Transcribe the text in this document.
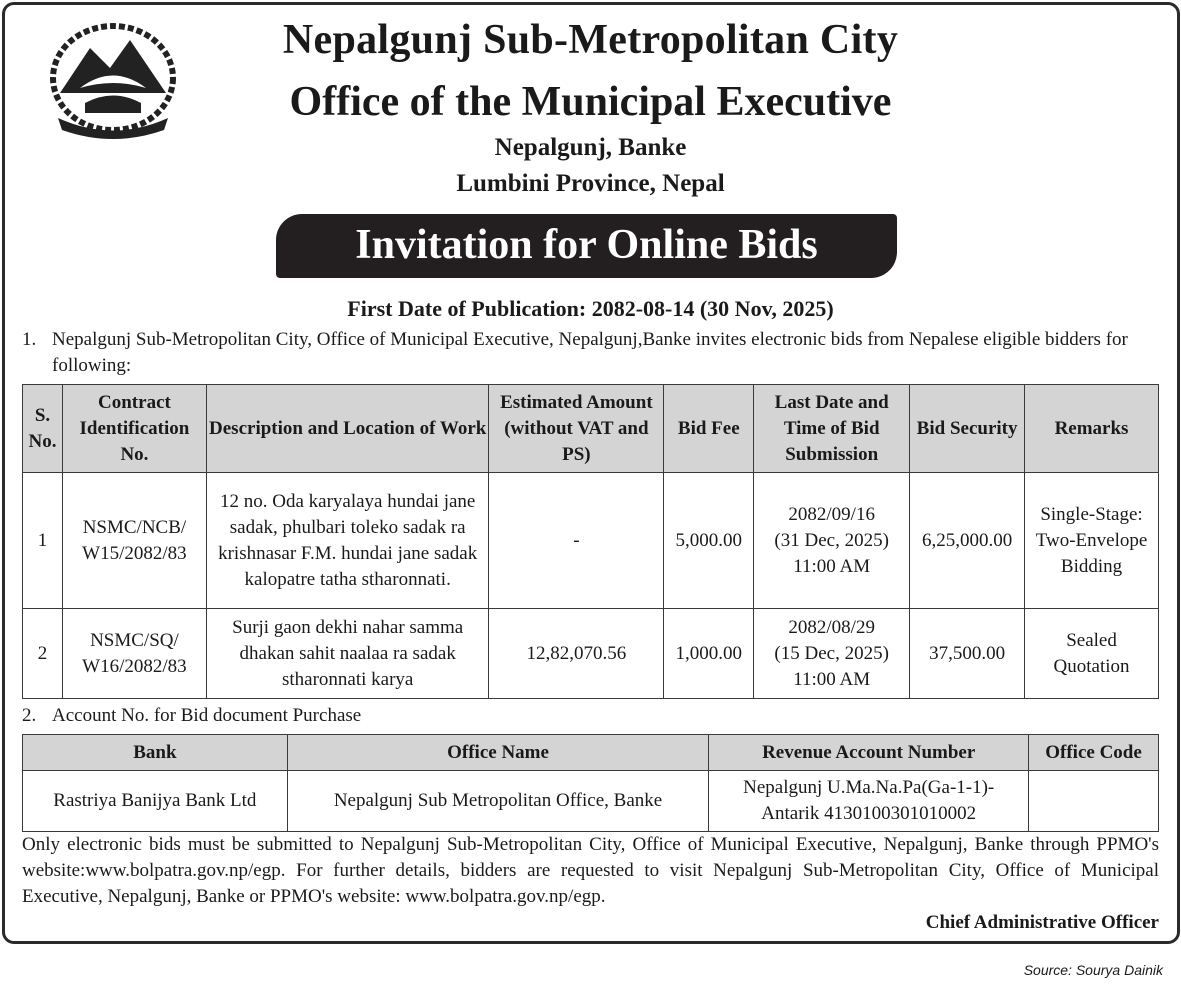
Nepalgunj Sub-Metropolitan City
Office of the Municipal Executive
Nepalgunj, Banke
Lumbini Province, Nepal
Invitation for Online Bids
First Date of Publication: 2082-08-14 (30 Nov, 2025)
1. Nepalgunj Sub-Metropolitan City, Office of Municipal Executive, Nepalgunj,Banke invites electronic bids from Nepalese eligible bidders for following:
S. No.	Contract Identification No.	Description and Location of Work	Estimated Amount (without VAT and PS)	Bid Fee	Last Date and Time of Bid Submission	Bid Security	Remarks
1	NSMC/NCB/ W15/2082/83	12 no. Oda karyalaya hundai jane sadak, phulbari toleko sadak ra krishnasar F.M. hundai jane sadak kalopatre tatha stharonnati.	-	5,000.00	2082/09/16
(31 Dec, 2025)
11:00 AM	6,25,000.00	Single-Stage: Two-Envelope Bidding
2	NSMC/SQ/ W16/2082/83	Surji gaon dekhi nahar samma dhakan sahit naalaa ra sadak stharonnati karya	12,82,070.56	1,000.00	2082/08/29
(15 Dec, 2025)
11:00 AM	37,500.00	Sealed Quotation
2. Account No. for Bid document Purchase
Bank	Office Name	Revenue Account Number	Office Code
Rastriya Banijya Bank Ltd	Nepalgunj Sub Metropolitan Office, Banke	Nepalgunj U.Ma.Na.Pa(Ga-1-1)-
Antarik 4130100301010002	

Only electronic bids must be submitted to Nepalgunj Sub-Metropolitan City, Office of Municipal Executive, Nepalgunj, Banke through PPMO's website:www.bolpatra.gov.np/egp. For further details, bidders are requested to visit Nepalgunj Sub-Metropolitan City, Office of Municipal Executive, Nepalgunj, Banke or PPMO's website: www.bolpatra.gov.np/egp.
Chief Administrative Officer
Source: Sourya Dainik
